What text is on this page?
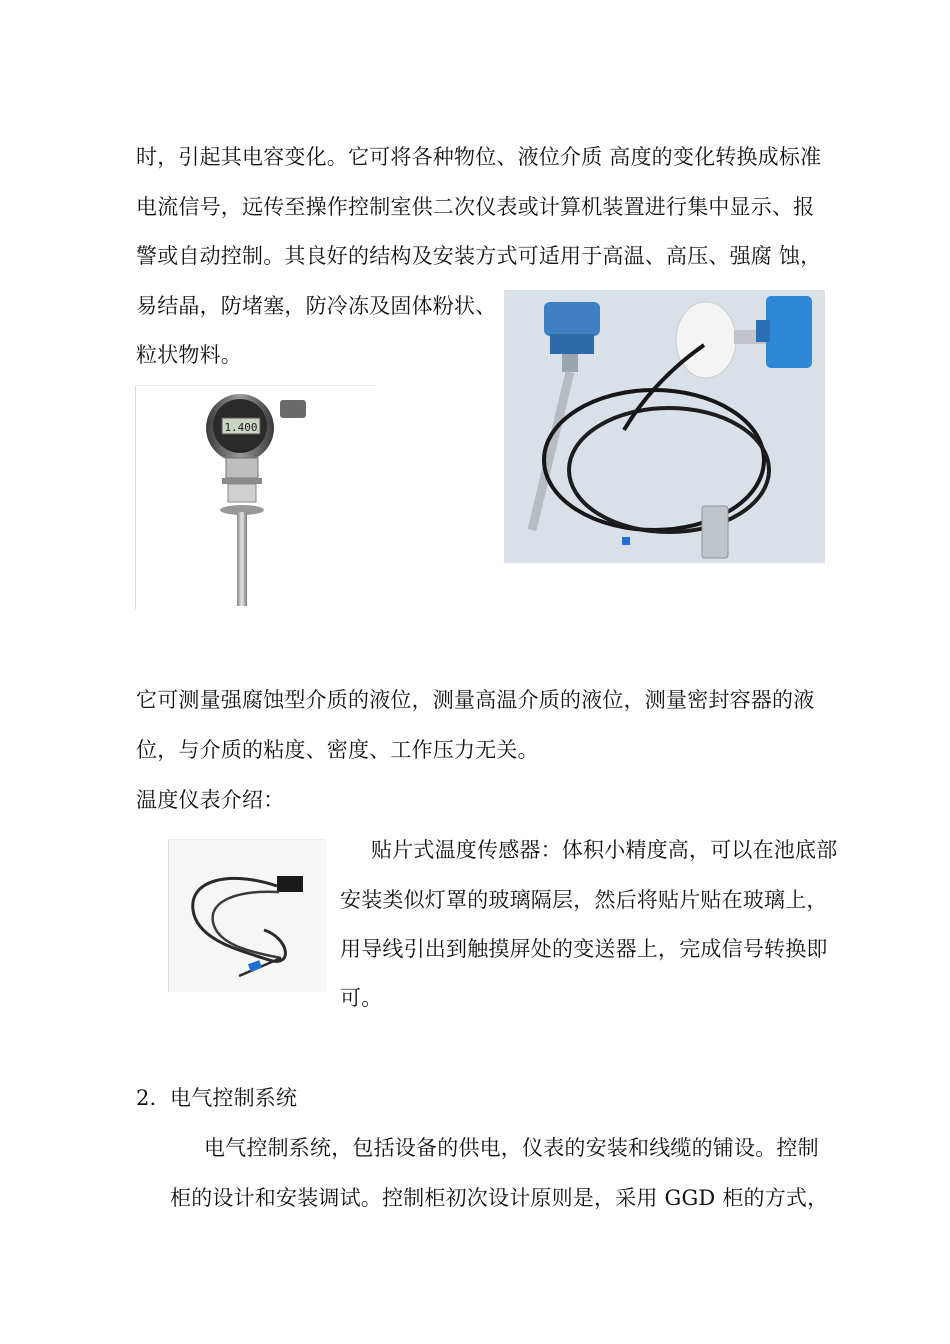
时，引起其电容变化。它可将各种物位、液位介质 高度的变化转换成标准
电流信号，远传至操作控制室供二次仪表或计算机装置进行集中显示、报
警或自动控制。其良好的结构及安装方式可适用于高温、高压、强腐 蚀，
易结晶，防堵塞，防冷冻及固体粉状、
粒状物料。
1.400
它可测量强腐蚀型介质的液位，测量高温介质的液位，测量密封容器的液
位，与介质的粘度、密度、工作压力无关。
温度仪表介绍：
贴片式温度传感器：体积小精度高，可以在池底部
安装类似灯罩的玻璃隔层，然后将贴片贴在玻璃上，
用导线引出到触摸屏处的变送器上，完成信号转换即
可。
2. 电气控制系统
电气控制系统，包括设备的供电，仪表的安装和线缆的铺设。控制
柜的设计和安装调试。控制柜初次设计原则是，采用 GGD 柜的方式，
